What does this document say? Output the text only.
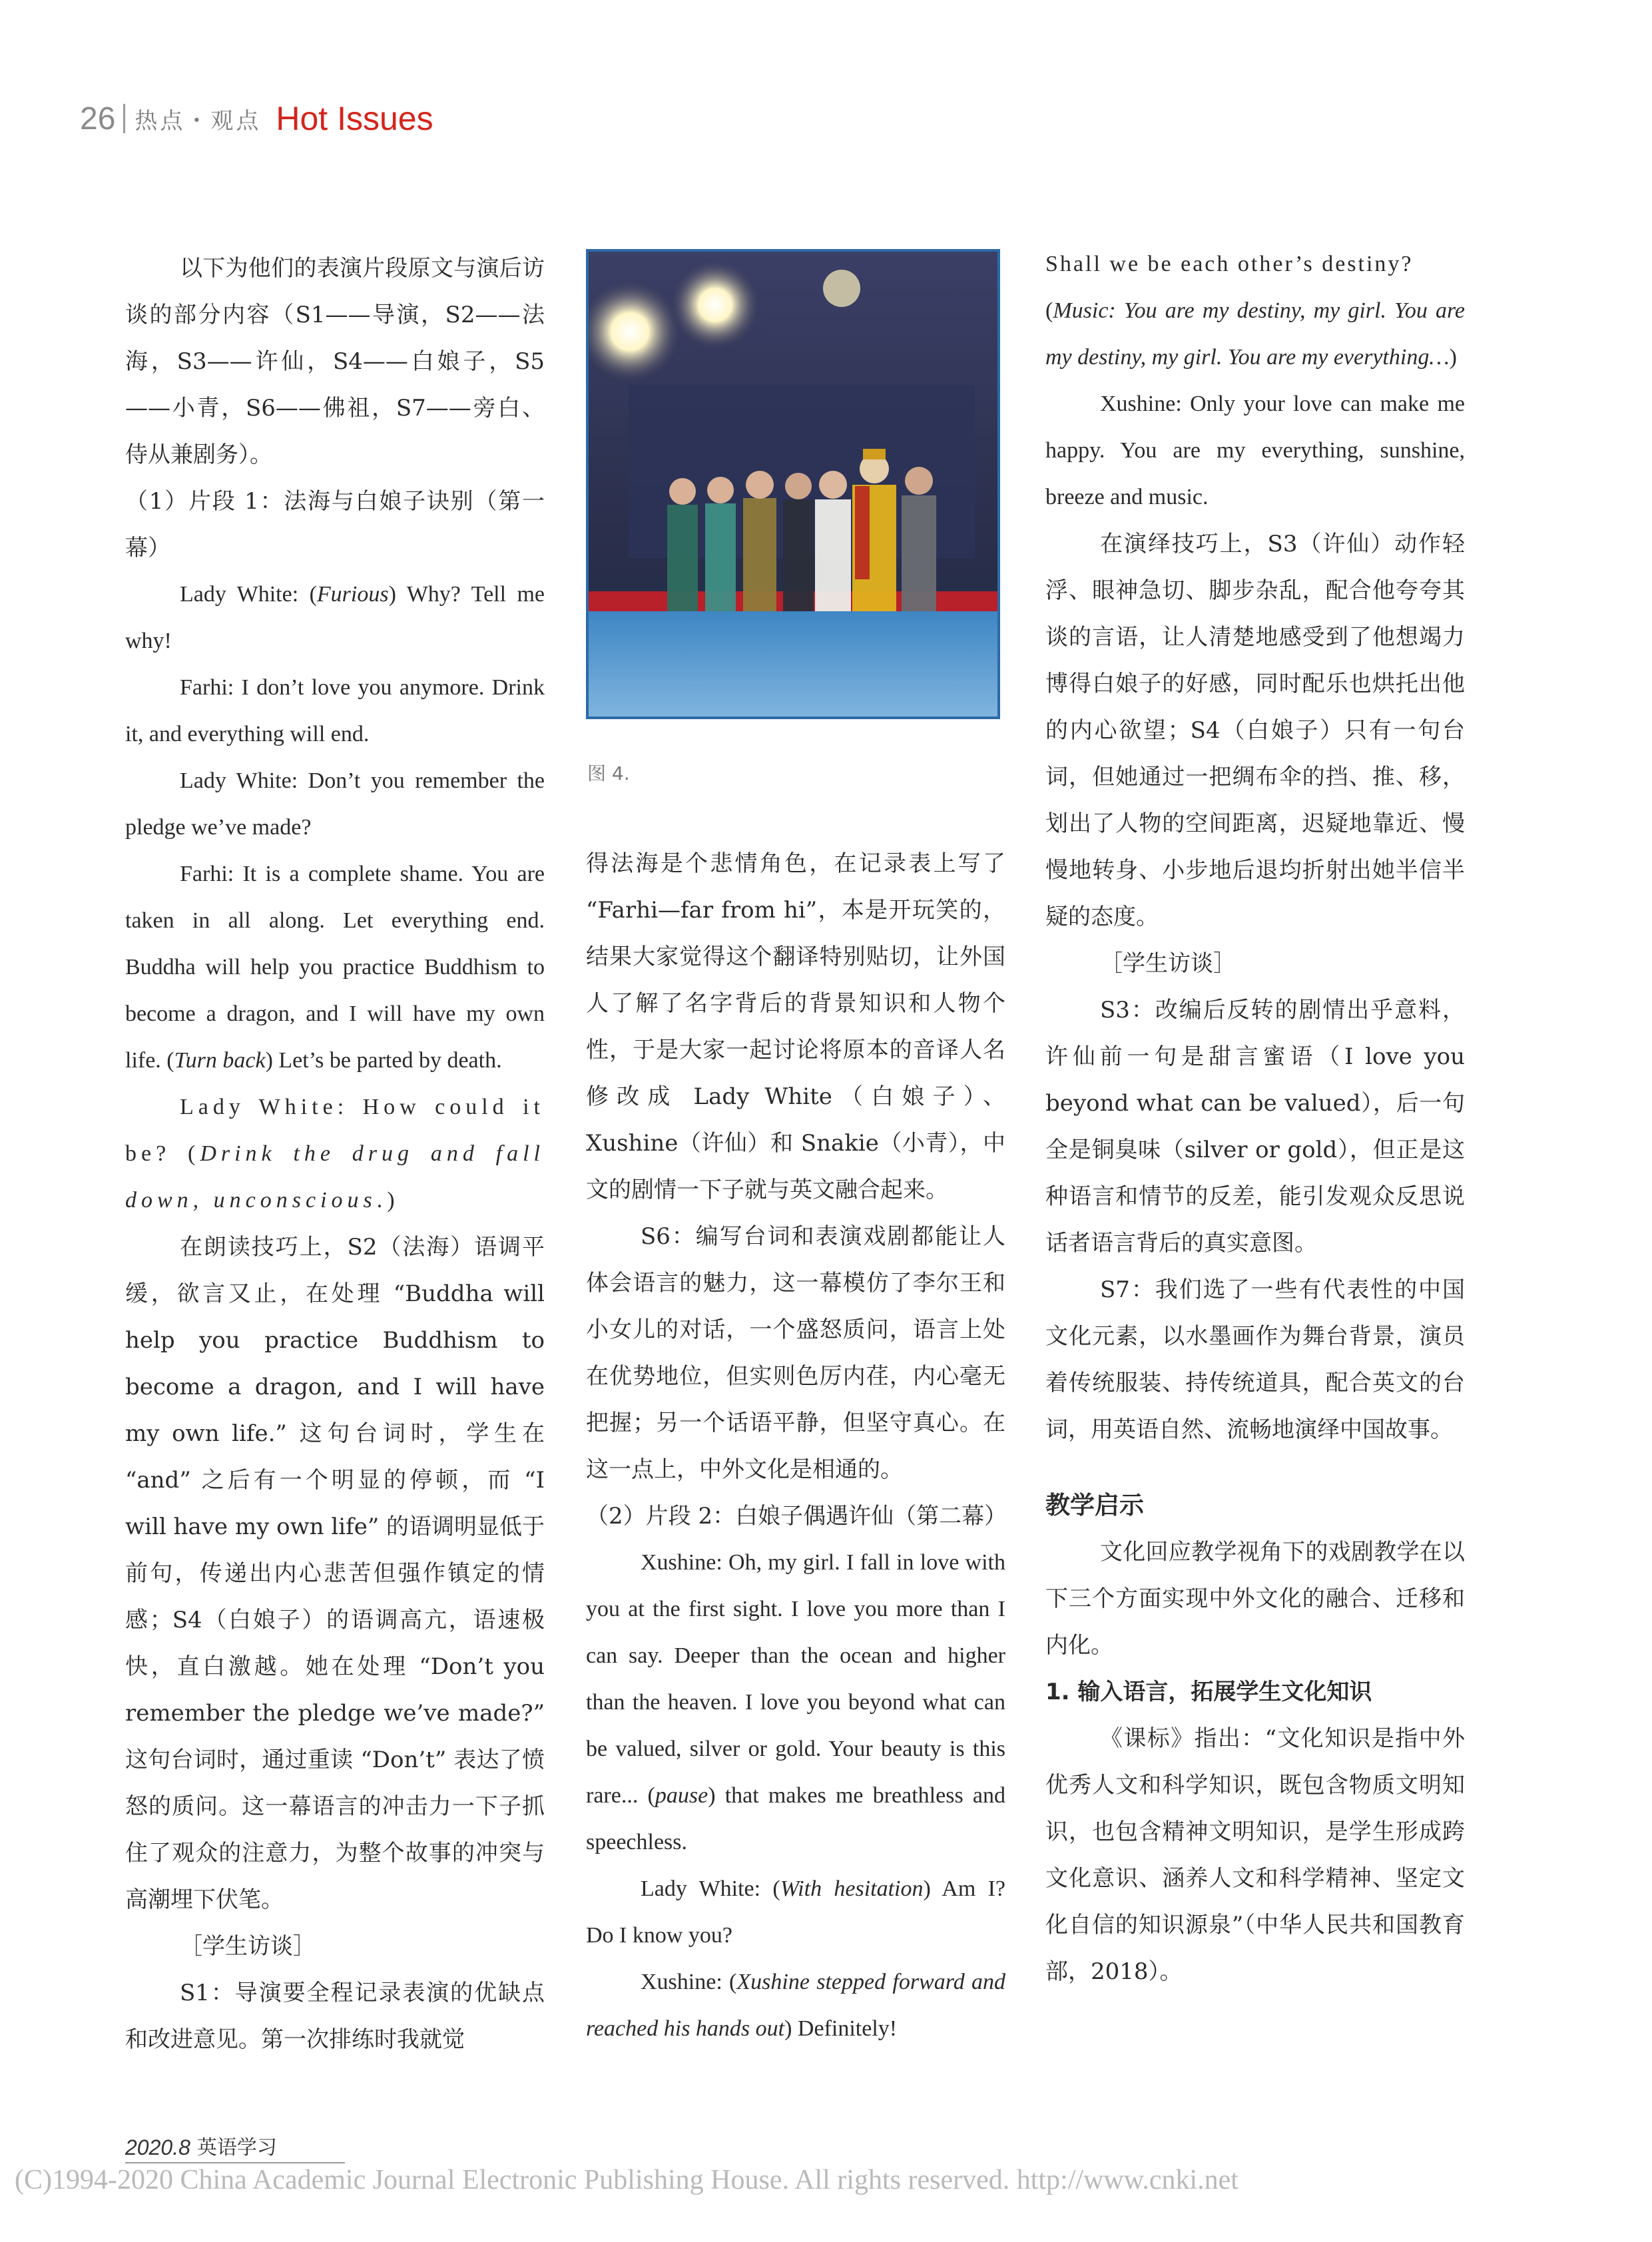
26 热点・观点 Hot Issues

以下为他们的表演片段原文与演后访谈的部分内容（S1——导演，S2——法海，S3——许仙，S4——白娘子，S5——小青，S6——佛祖，S7——旁白、侍从兼剧务）。

（1）片段 1：法海与白娘子诀别（第一幕）

Lady White: (Furious) Why? Tell me why!

Farhi: I don’t love you anymore. Drink it, and everything will end.

Lady White: Don’t you remember the pledge we’ve made?

Farhi: It is a complete shame. You are taken in all along. Let everything end. Buddha will help you practice Buddhism to become a dragon, and I will have my own life. (Turn back) Let’s be parted by death.

Lady White: How could it be? (Drink the drug and fall down, unconscious.)

在朗读技巧上，S2（法海）语调平缓，欲言又止，在处理 “Buddha will help you practice Buddhism to become a dragon, and I will have my own life.” 这句台词时，学生在 “and” 之后有一个明显的停顿，而 “I will have my own life” 的语调明显低于前句，传递出内心悲苦但强作镇定的情感；S4（白娘子）的语调高亢，语速极快，直白激越。她在处理 “Don’t you remember the pledge we’ve made?” 这句台词时，通过重读 “Don’t” 表达了愤怒的质问。这一幕语言的冲击力一下子抓住了观众的注意力，为整个故事的冲突与高潮埋下伏笔。

［学生访谈］

S1：导演要全程记录表演的优缺点和改进意见。第一次排练时我就觉

图 4.

得法海是个悲情角色，在记录表上写了 “Farhi—far from hi”，本是开玩笑的，结果大家觉得这个翻译特别贴切，让外国人了解了名字背后的背景知识和人物个性，于是大家一起讨论将原本的音译人名修改成 Lady White（白娘子）、Xushine（许仙）和 Snakie（小青），中文的剧情一下子就与英文融合起来。

S6：编写台词和表演戏剧都能让人体会语言的魅力，这一幕模仿了李尔王和小女儿的对话，一个盛怒质问，语言上处在优势地位，但实则色厉内荏，内心毫无把握；另一个话语平静，但坚守真心。在这一点上，中外文化是相通的。

（2）片段 2：白娘子偶遇许仙（第二幕）

Xushine: Oh, my girl. I fall in love with you at the first sight. I love you more than I can say. Deeper than the ocean and higher than the heaven. I love you beyond what can be valued, silver or gold. Your beauty is this rare... (pause) that makes me breathless and speechless.

Lady White: (With hesitation) Am I? Do I know you?

Xushine: (Xushine stepped forward and reached his hands out) Definitely!

Shall we be each other’s destiny?

(Music: You are my destiny, my girl. You are my destiny, my girl. You are my everything…)

Xushine: Only your love can make me happy. You are my everything, sunshine, breeze and music.

在演绎技巧上，S3（许仙）动作轻浮、眼神急切、脚步杂乱，配合他夸夸其谈的言语，让人清楚地感受到了他想竭力博得白娘子的好感，同时配乐也烘托出他的内心欲望；S4（白娘子）只有一句台词，但她通过一把绸布伞的挡、推、移，划出了人物的空间距离，迟疑地靠近、慢慢地转身、小步地后退均折射出她半信半疑的态度。

［学生访谈］

S3：改编后反转的剧情出乎意料，许仙前一句是甜言蜜语（I love you beyond what can be valued），后一句全是铜臭味（silver or gold），但正是这种语言和情节的反差，能引发观众反思说话者语言背后的真实意图。

S7：我们选了一些有代表性的中国文化元素，以水墨画作为舞台背景，演员着传统服装、持传统道具，配合英文的台词，用英语自然、流畅地演绎中国故事。

教学启示

文化回应教学视角下的戏剧教学在以下三个方面实现中外文化的融合、迁移和内化。

1. 输入语言，拓展学生文化知识

《课标》指出：“文化知识是指中外优秀人文和科学知识，既包含物质文明知识，也包含精神文明知识，是学生形成跨文化意识、涵养人文和科学精神、坚定文化自信的知识源泉”（中华人民共和国教育部，2018）。

2020.8 英语学习
(C)1994-2020 China Academic Journal Electronic Publishing House. All rights reserved. http://www.cnki.net
